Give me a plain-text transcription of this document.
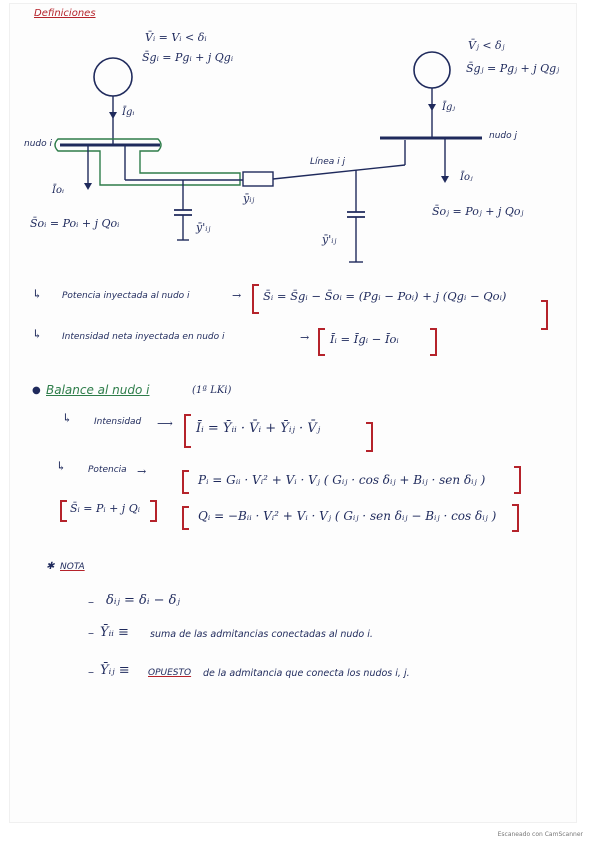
Definiciones
V̄ᵢ = Vᵢ < δᵢ
S̄gᵢ = Pgᵢ + j Qgᵢ
Īgᵢ
nudo i
Īoᵢ
S̄oᵢ = Poᵢ + j Qoᵢ	ȳ'ᵢⱼ
ȳᵢⱼ
Línea i j
ȳ'ᵢⱼ
V̄ⱼ < δⱼ
S̄gⱼ = Pgⱼ + j Qgⱼ
Īgⱼ
nudo j
Īoⱼ
S̄oⱼ = Poⱼ + j Qoⱼ
↳ Potencia inyectada al nudo i	→ S̄ᵢ = S̄gᵢ − S̄oᵢ = (Pgᵢ − Poᵢ) + j (Qgᵢ − Qoᵢ)
↳ Intensidad neta inyectada en nudo i	→ Īᵢ = Īgᵢ − Īoᵢ
● Balance al nudo i	(1ª LKi)
↳ Intensidad ⟶ Īᵢ = Ȳᵢᵢ · V̄ᵢ + Ȳᵢⱼ · V̄ⱼ
↳ Potencia →
Pᵢ = Gᵢᵢ · Vᵢ² + Vᵢ · Vⱼ ( Gᵢⱼ · cos δᵢⱼ + Bᵢⱼ · sen δᵢⱼ )
S̄ᵢ = Pᵢ + j Qᵢ
Qᵢ = −Bᵢᵢ · Vᵢ² + Vᵢ · Vⱼ ( Gᵢⱼ · sen δᵢⱼ − Bᵢⱼ · cos δᵢⱼ )
✱ NOTA
– δᵢⱼ = δᵢ − δⱼ
– Ȳᵢᵢ ≡ suma de las admitancias conectadas al nudo i.
– Ȳᵢⱼ ≡ OPUESTO de la admitancia que conecta los nudos i, j.
Escaneado con CamScanner
